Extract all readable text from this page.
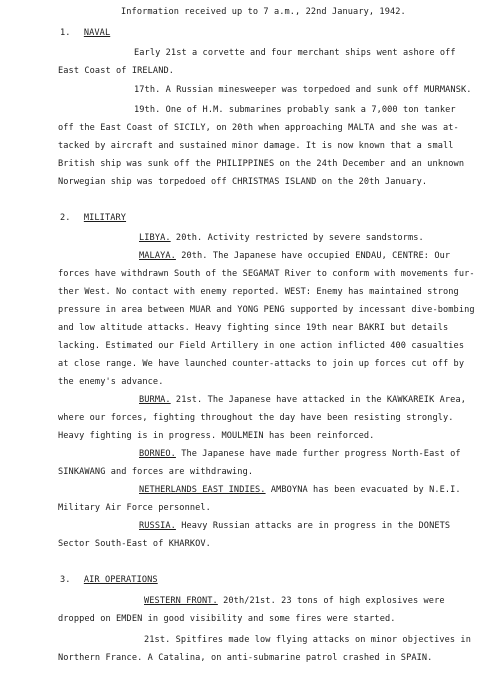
Information received up to 7 a.m., 22nd January, 1942.
1. NAVAL
Early 21st a corvette and four merchant ships went ashore off
East Coast of IRELAND.
17th. A Russian minesweeper was torpedoed and sunk off MURMANSK.
19th. One of H.M. submarines probably sank a 7,000 ton tanker
off the East Coast of SICILY, on 20th when approaching MALTA and she was at-
tacked by aircraft and sustained minor damage. It is now known that a small
British ship was sunk off the PHILIPPINES on the 24th December and an unknown
Norwegian ship was torpedoed off CHRISTMAS ISLAND on the 20th January.
2. MILITARY
LIBYA. 20th. Activity restricted by severe sandstorms.
MALAYA. 20th. The Japanese have occupied ENDAU, CENTRE: Our
forces have withdrawn South of the SEGAMAT River to conform with movements fur-
ther West. No contact with enemy reported. WEST: Enemy has maintained strong
pressure in area between MUAR and YONG PENG supported by incessant dive-bombing
and low altitude attacks. Heavy fighting since 19th near BAKRI but details
lacking. Estimated our Field Artillery in one action inflicted 400 casualties
at close range. We have launched counter-attacks to join up forces cut off by
the enemy's advance.
BURMA. 21st. The Japanese have attacked in the KAWKAREIK Area,
where our forces, fighting throughout the day have been resisting strongly.
Heavy fighting is in progress. MOULMEIN has been reinforced.
BORNEO. The Japanese have made further progress North-East of
SINKAWANG and forces are withdrawing.
NETHERLANDS EAST INDIES. AMBOYNA has been evacuated by N.E.I.
Military Air Force personnel.
RUSSIA. Heavy Russian attacks are in progress in the DONETS
Sector South-East of KHARKOV.
3. AIR OPERATIONS
WESTERN FRONT. 20th/21st. 23 tons of high explosives were
dropped on EMDEN in good visibility and some fires were started.
21st. Spitfires made low flying attacks on minor objectives in
Northern France. A Catalina, on anti-submarine patrol crashed in SPAIN.
